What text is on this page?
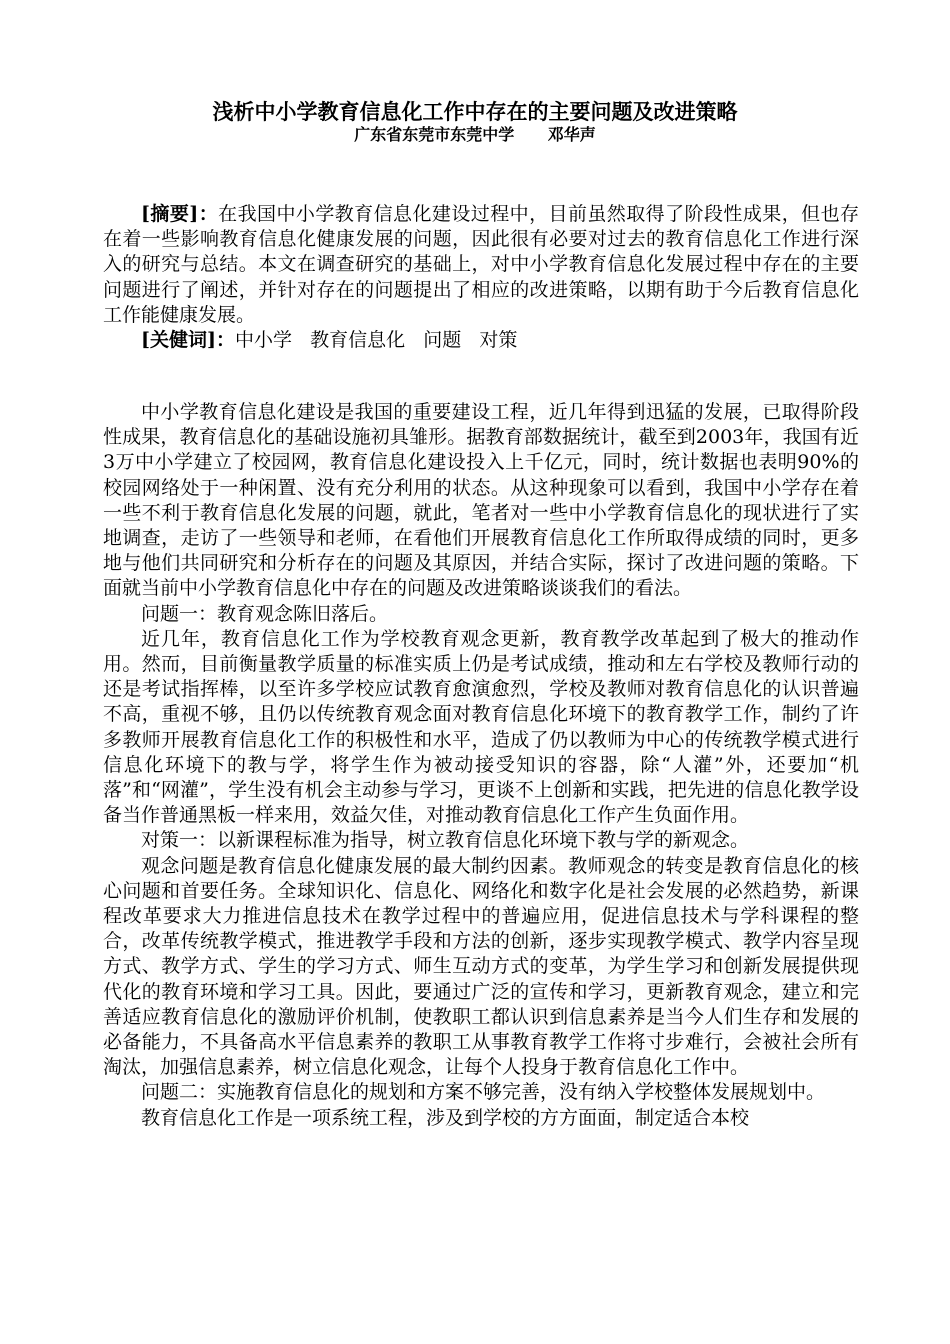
浅析中小学教育信息化工作中存在的主要问题及改进策略
广东省东莞市东莞中学      邓华声

[摘要]：在我国中小学教育信息化建设过程中，目前虽然取得了阶段性成果，但也存在着一些影响教育信息化健康发展的问题，因此很有必要对过去的教育信息化工作进行深入的研究与总结。本文在调查研究的基础上，对中小学教育信息化发展过程中存在的主要问题进行了阐述，并针对存在的问题提出了相应的改进策略，以期有助于今后教育信息化工作能健康发展。

[关健词]：中小学   教育信息化   问题   对策

中小学教育信息化建设是我国的重要建设工程，近几年得到迅猛的发展，已取得阶段性成果，教育信息化的基础设施初具雏形。据教育部数据统计，截至到2003年，我国有近3万中小学建立了校园网，教育信息化建设投入上千亿元，同时，统计数据也表明90%的校园网络处于一种闲置、没有充分利用的状态。从这种现象可以看到，我国中小学存在着一些不利于教育信息化发展的问题，就此，笔者对一些中小学教育信息化的现状进行了实地调查，走访了一些领导和老师，在看他们开展教育信息化工作所取得成绩的同时，更多地与他们共同研究和分析存在的问题及其原因，并结合实际，探讨了改进问题的策略。下面就当前中小学教育信息化中存在的问题及改进策略谈谈我们的看法。

问题一：教育观念陈旧落后。

近几年，教育信息化工作为学校教育观念更新，教育教学改革起到了极大的推动作用。然而，目前衡量教学质量的标准实质上仍是考试成绩，推动和左右学校及教师行动的还是考试指挥棒，以至许多学校应试教育愈演愈烈，学校及教师对教育信息化的认识普遍不高，重视不够，且仍以传统教育观念面对教育信息化环境下的教育教学工作，制约了许多教师开展教育信息化工作的积极性和水平，造成了仍以教师为中心的传统教学模式进行信息化环境下的教与学，将学生作为被动接受知识的容器，除“人灌”外，还要加“机落”和“网灌”，学生没有机会主动参与学习，更谈不上创新和实践，把先进的信息化教学设备当作普通黑板一样来用，效益欠佳，对推动教育信息化工作产生负面作用。

对策一：以新课程标准为指导，树立教育信息化环境下教与学的新观念。

观念问题是教育信息化健康发展的最大制约因素。教师观念的转变是教育信息化的核心问题和首要任务。全球知识化、信息化、网络化和数字化是社会发展的必然趋势，新课程改革要求大力推进信息技术在教学过程中的普遍应用，促进信息技术与学科课程的整合，改革传统教学模式，推进教学手段和方法的创新，逐步实现教学模式、教学内容呈现方式、教学方式、学生的学习方式、师生互动方式的变革，为学生学习和创新发展提供现代化的教育环境和学习工具。因此，要通过广泛的宣传和学习，更新教育观念，建立和完善适应教育信息化的激励评价机制，使教职工都认识到信息素养是当今人们生存和发展的必备能力，不具备高水平信息素养的教职工从事教育教学工作将寸步难行，会被社会所有淘汰，加强信息素养，树立信息化观念，让每个人投身于教育信息化工作中。

问题二：实施教育信息化的规划和方案不够完善，没有纳入学校整体发展规划中。

教育信息化工作是一项系统工程，涉及到学校的方方面面，制定适合本校
